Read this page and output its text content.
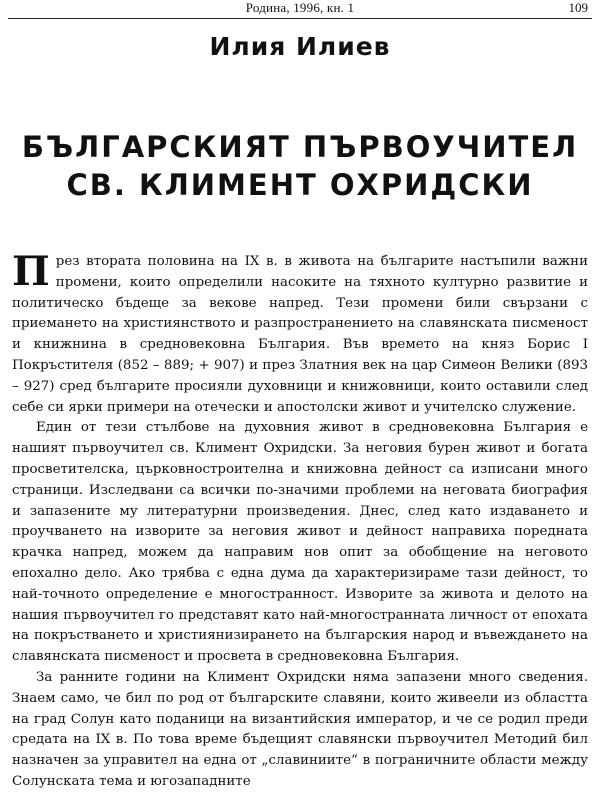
Родина, 1996, кн. 1	109
Илия Илиев
БЪЛГАРСКИЯТ ПЪРВОУЧИТЕЛ
СВ. КЛИМЕНТ ОХРИДСКИ

През втората половина на IX в. в живота на българите настъпили важни промени, които определили насоките на тяхното културно развитие и политическо бъдеще за векове напред. Тези промени били свързани с приемането на християнството и разпространението на славянската писменост и книжнина в средновековна България. Във времето на княз Борис I Покръстителя (852 – 889; + 907) и през Златния век на цар Симеон Велики (893 – 927) сред българите просияли духовници и книжовници, които оставили след себе си ярки примери на отечески и апостолски живот и учителско служение.

Един от тези стълбове на духовния живот в средновековна България е нашият първоучител св. Климент Охридски. За неговия бурен живот и богата просветителска, църковностроителна и книжовна дейност са изписани много страници. Изследвани са всички по-значими проблеми на неговата биография и запазените му литературни произведения. Днес, след като издаването и проучването на изворите за неговия живот и дейност направиха поредната крачка напред, можем да направим нов опит за обобщение на неговото епохално дело. Ако трябва с една дума да характеризираме тази дейност, то най-точното определение е многостранност. Изворите за живота и делото на нашия първоучител го представят като най-многостранната личност от епохата на покръстването и християнизирането на българския народ и въвеждането на славянската писменост и просвета в средновековна България.

За ранните години на Климент Охридски няма запазени много сведения. Знаем само, че бил по род от българските славяни, които живеели из областта на град Солун като поданици на византийския император, и че се родил преди средата на IX в. По това време бъдещият славянски първоучител Методий бил назначен за управител на една от „славиниите“ в пограничните области между Солунската тема и югозападните
